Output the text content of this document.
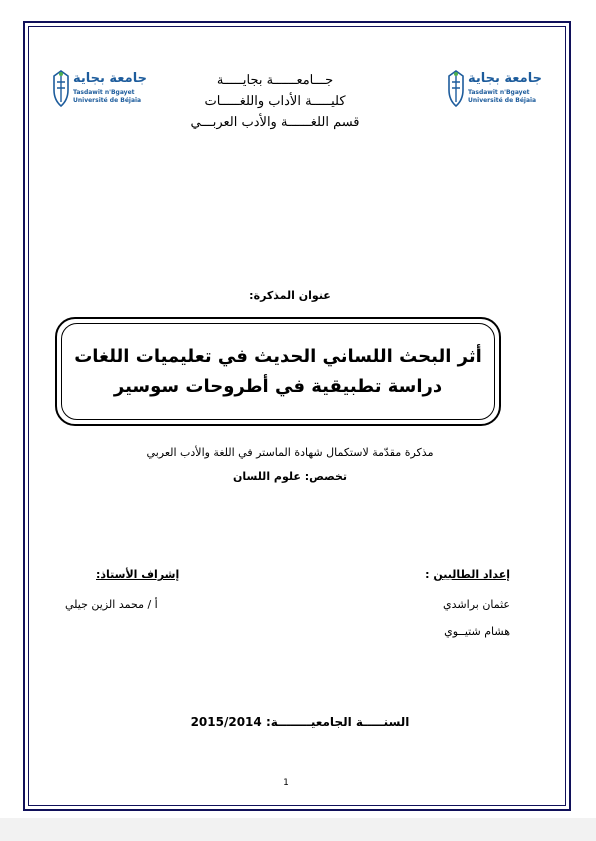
جامعة بجاية
Tasdawit n'Bgayet
Université de Béjaïa
جامعة بجاية
Tasdawit n'Bgayet
Université de Béjaïa
جـــامعــــــة بجايـــــة
كليـــــة الأداب واللغـــــات
قسم اللغــــــة والأدب العربـــي
عنوان المذكرة:
أثر البحث اللساني الحديث في تعليميات اللغات
دراسة تطبيقية في أطروحات سوسير
مذكرة مقدّمة لاستكمال شهادة الماستر في اللغة والأدب العربي
تخصص: علوم اللسان
إعداد الطالبين :
عثمان براشدي
هشام شتيــوي
إشراف الأستاذ:
أ / محمد الزين جيلي
السنـــــة الجامعيــــــــة: 2015/2014
1
